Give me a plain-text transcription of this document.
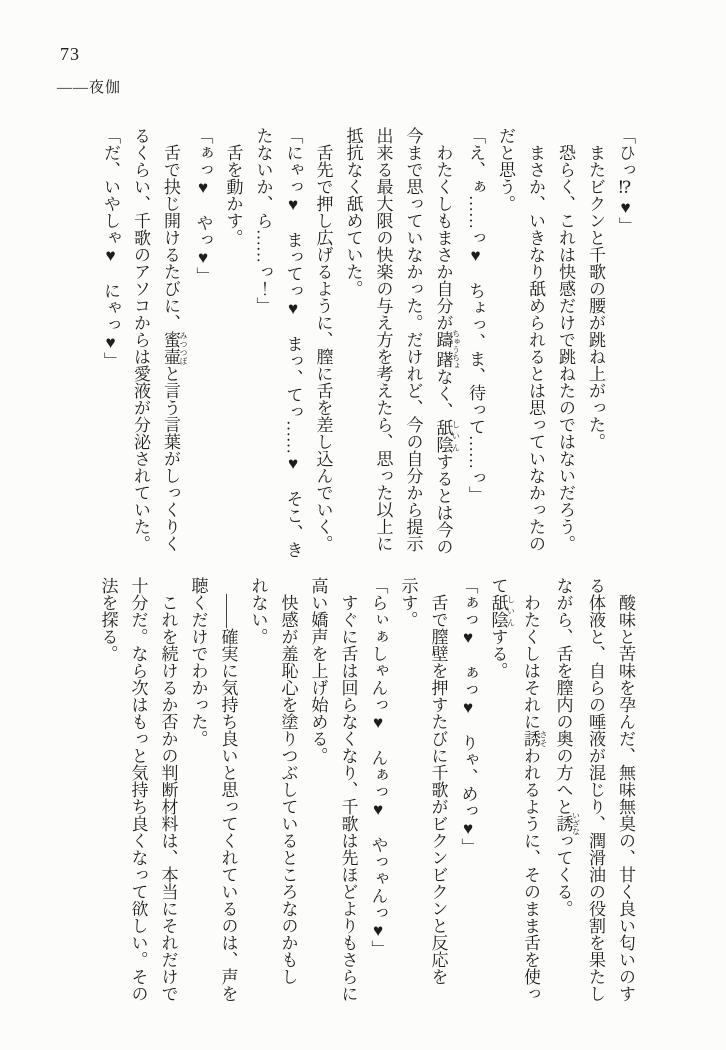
73
――夜伽

「ひっ⁉♥」

またビクンと千歌の腰が跳ね上がった。

恐らく、これは快感だけで跳ねたのではないだろう。

まさか、いきなり舐められるとは思っていなかったの

だと思う。

「え、ぁ……っ♥　ちょっ、ま、待って……っ」

わたくしもまさか自分が躊躇 ちゅうちょなく、舐陰 しいんするとは今の

今まで思っていなかった。だけれど、今の自分から提示

出来る最大限の快楽の与え方を考えたら、思った以上に

抵抗なく舐めていた。

舌先で押し広げるように、膣に舌を差し込んでいく。

「にゃっ♥　まってっ♥　まっ、てっ……♥　そこ、き

たないか、ら……っ！」

舌を動かす。

「ぁっ♥　やっ♥」

舌で抉じ開けるたびに、蜜壷 みつつぼと言う言葉がしっくりく

るくらい、千歌のアソコからは愛液が分泌されていた。

「だ、いやしゃ♥　にゃっ♥」

酸味と苦味を孕んだ、無味無臭の、甘く良い匂いのす

る体液と、自らの唾液が混じり、潤滑油の役割を果たし

ながら、舌を膣内の奥の方へと誘 いざなってくる。

わたくしはそれに誘 さそわれるように、そのまま舌を使っ

て舐陰 しいんする。

「ぁっ♥　ぁっ♥　りゃ、めっ♥」

舌で膣壁を押すたびに千歌がビクンビクンと反応を

示す。

「らぃぁしゃんっ♥　んぁっ♥　やっゃんっ♥」

すぐに舌は回らなくなり、千歌は先ほどよりもさらに

高い嬌声を上げ始める。

快感が羞恥心を塗りつぶしているところなのかもし

れない。

――確実に気持ち良いと思ってくれているのは、声を

聴くだけでわかった。

これを続けるか否かの判断材料は、本当にそれだけで

十分だ。なら次はもっと気持ち良くなって欲しい。その

法を探る。
